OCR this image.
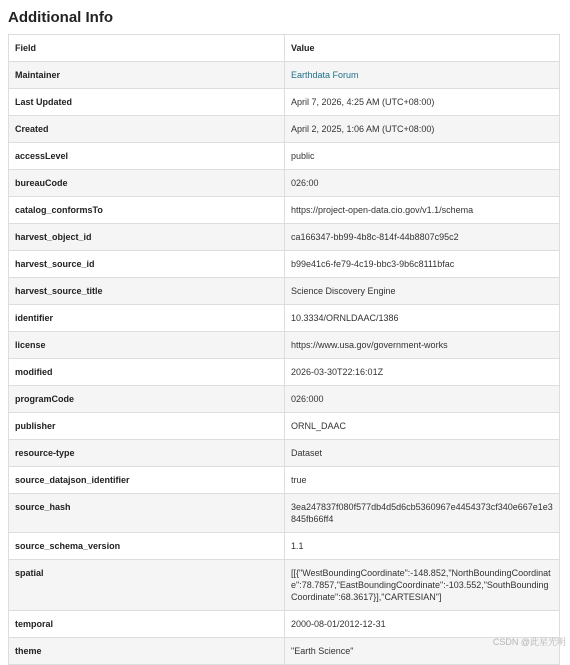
Additional Info
Field	Value
Maintainer	Earthdata Forum
Last Updated	April 7, 2026, 4:25 AM (UTC+08:00)
Created	April 2, 2025, 1:06 AM (UTC+08:00)
accessLevel	public
bureauCode	026:00
catalog_conformsTo	https://project-open-data.cio.gov/v1.1/schema
harvest_object_id	ca166347-bb99-4b8c-814f-44b8807c95c2
harvest_source_id	b99e41c6-fe79-4c19-bbc3-9b6c8111bfac
harvest_source_title	Science Discovery Engine
identifier	10.3334/ORNLDAAC/1386
license	https://www.usa.gov/government-works
modified	2026-03-30T22:16:01Z
programCode	026:000
publisher	ORNL_DAAC
resource-type	Dataset
source_datajson_identifier	true
source_hash	3ea247837f080f577db4d5d6cb5360967e4454373cf340e667e1e3845fb66ff4
source_schema_version	1.1
spatial	[[{"WestBoundingCoordinate":-148.852,"NorthBoundingCoordinate":78.7857,"EastBoundingCoordinate":-103.552,"SouthBoundingCoordinate":68.3617}],"CARTESIAN"]
temporal	2000-08-01/2012-12-31
theme	"Earth Science"
CSDN @此星光明
